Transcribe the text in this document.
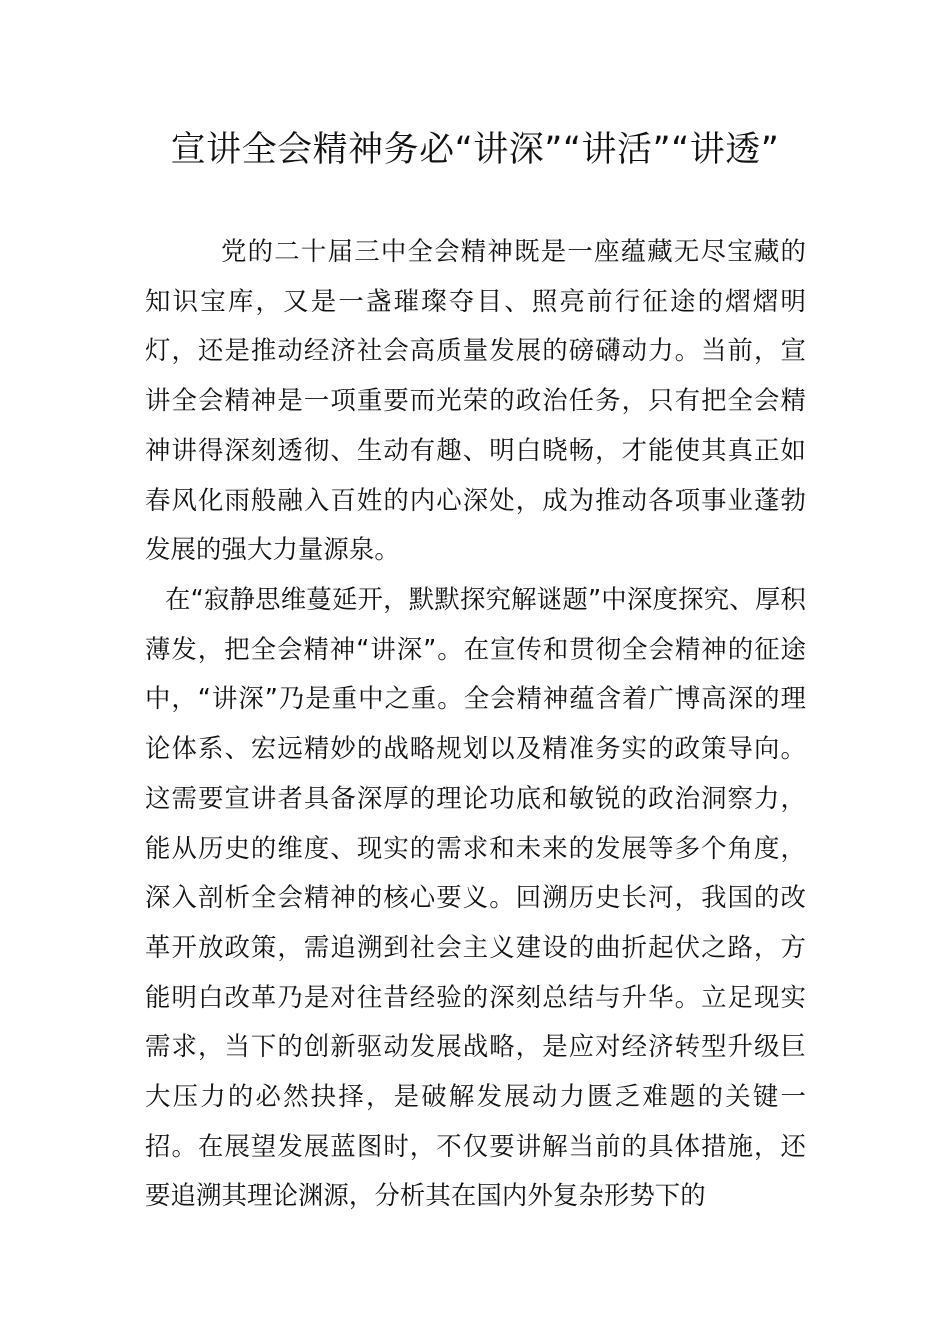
宣讲全会精神务必“讲深”“讲活”“讲透”

党的二十届三中全会精神既是一座蕴藏无尽宝藏的知识宝库，又是一盏璀璨夺目、照亮前行征途的熠熠明灯，还是推动经济社会高质量发展的磅礴动力。当前，宣讲全会精神是一项重要而光荣的政治任务，只有把全会精神讲得深刻透彻、生动有趣、明白晓畅，才能使其真正如春风化雨般融入百姓的内心深处，成为推动各项事业蓬勃发展的强大力量源泉。

在“寂静思维蔓延开，默默探究解谜题”中深度探究、厚积薄发，把全会精神“讲深”。在宣传和贯彻全会精神的征途中，“讲深”乃是重中之重。全会精神蕴含着广博高深的理论体系、宏远精妙的战略规划以及精准务实的政策导向。这需要宣讲者具备深厚的理论功底和敏锐的政治洞察力，能从历史的维度、现实的需求和未来的发展等多个角度，深入剖析全会精神的核心要义。回溯历史长河，我国的改革开放政策，需追溯到社会主义建设的曲折起伏之路，方能明白改革乃是对往昔经验的深刻总结与升华。立足现实需求，当下的创新驱动发展战略，是应对经济转型升级巨大压力的必然抉择，是破解发展动力匮乏难题的关键一招。在展望发展蓝图时，不仅要讲解当前的具体措施，还要追溯其理论渊源，分析其在国内外复杂形势下的
